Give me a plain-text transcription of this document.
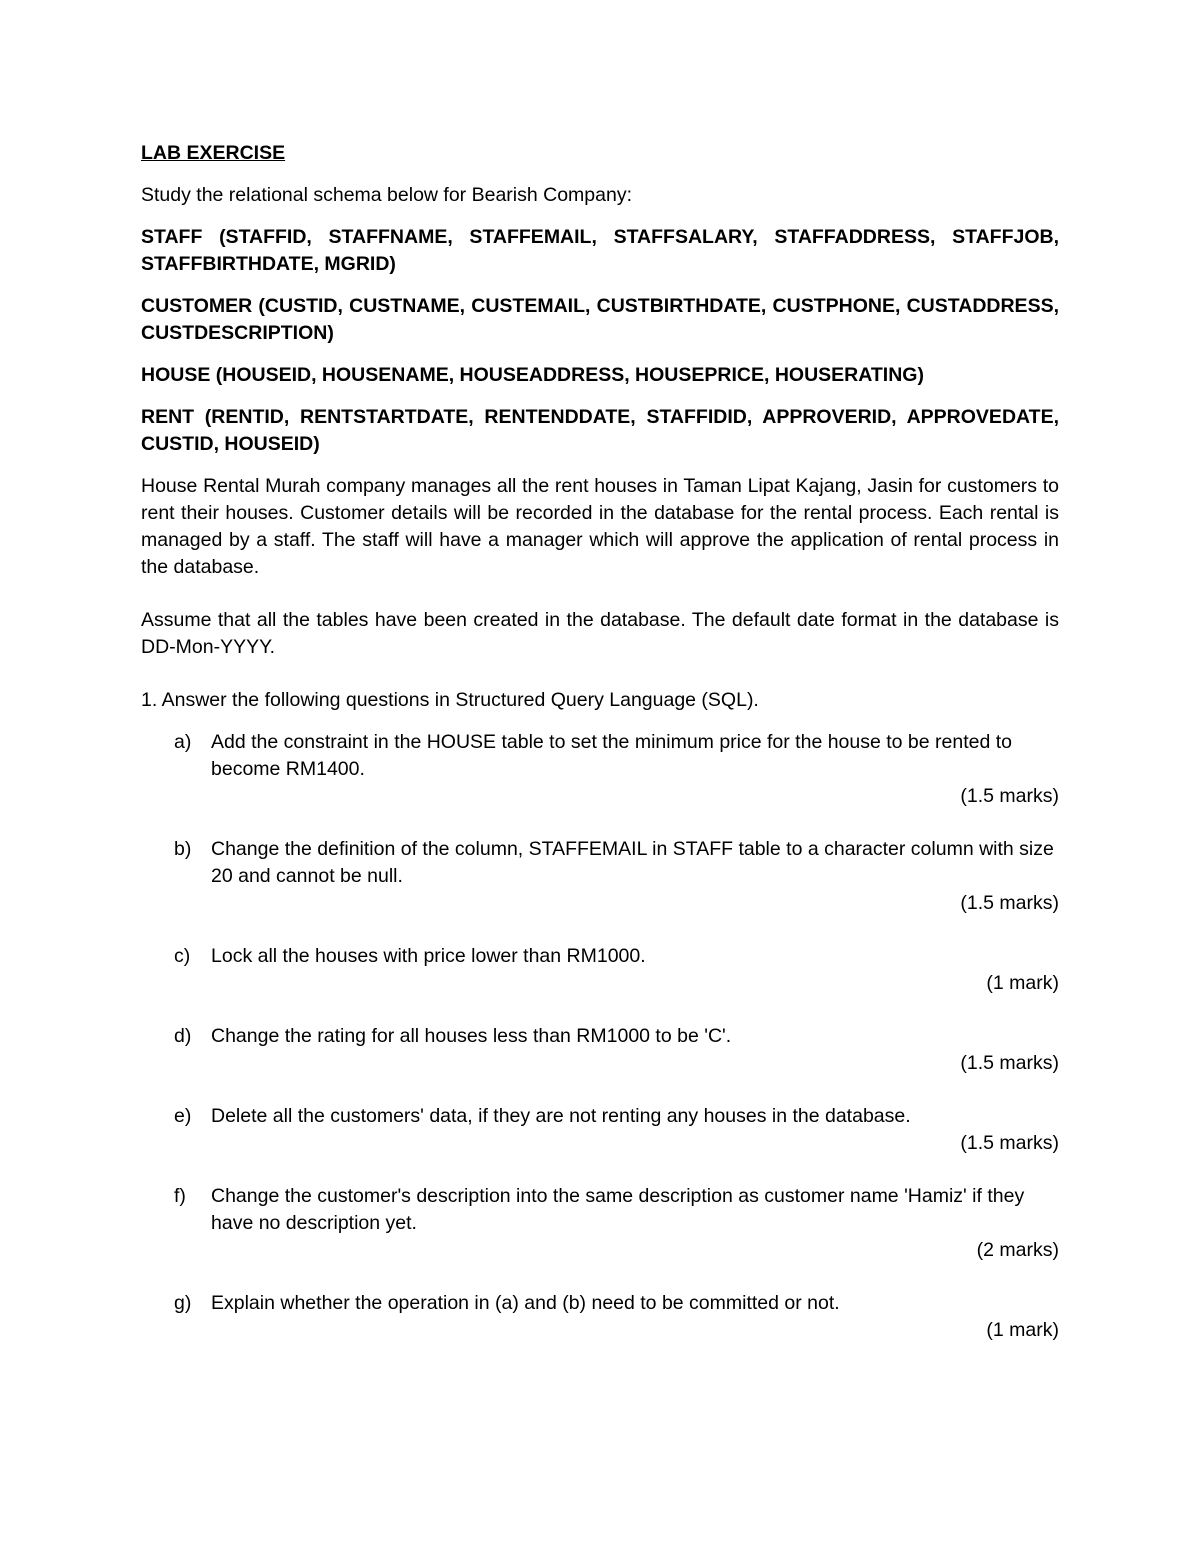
LAB EXERCISE

Study the relational schema below for Bearish Company:

STAFF (STAFFID, STAFFNAME, STAFFEMAIL, STAFFSALARY, STAFFADDRESS, STAFFJOB, STAFFBIRTHDATE, MGRID)

CUSTOMER (CUSTID, CUSTNAME, CUSTEMAIL, CUSTBIRTHDATE, CUSTPHONE, CUSTADDRESS, CUSTDESCRIPTION)

HOUSE (HOUSEID, HOUSENAME, HOUSEADDRESS, HOUSEPRICE, HOUSERATING)

RENT (RENTID, RENTSTARTDATE, RENTENDDATE, STAFFIDID, APPROVERID, APPROVEDATE, CUSTID, HOUSEID)

House Rental Murah company manages all the rent houses in Taman Lipat Kajang, Jasin for customers to rent their houses. Customer details will be recorded in the database for the rental process. Each rental is managed by a staff. The staff will have a manager which will approve the application of rental process in the database.

Assume that all the tables have been created in the database. The default date format in the database is DD-Mon-YYYY.

1. Answer the following questions in Structured Query Language (SQL).

a) Add the constraint in the HOUSE table to set the minimum price for the house to be rented to become RM1400.
(1.5 marks)
b) Change the definition of the column, STAFFEMAIL in STAFF table to a character column with size 20 and cannot be null.
(1.5 marks)
c) Lock all the houses with price lower than RM1000.
(1 mark)
d) Change the rating for all houses less than RM1000 to be 'C'.
(1.5 marks)
e) Delete all the customers' data, if they are not renting any houses in the database.
(1.5 marks)
f) Change the customer's description into the same description as customer name 'Hamiz' if they have no description yet.
(2 marks)
g) Explain whether the operation in (a) and (b) need to be committed or not.
(1 mark)
